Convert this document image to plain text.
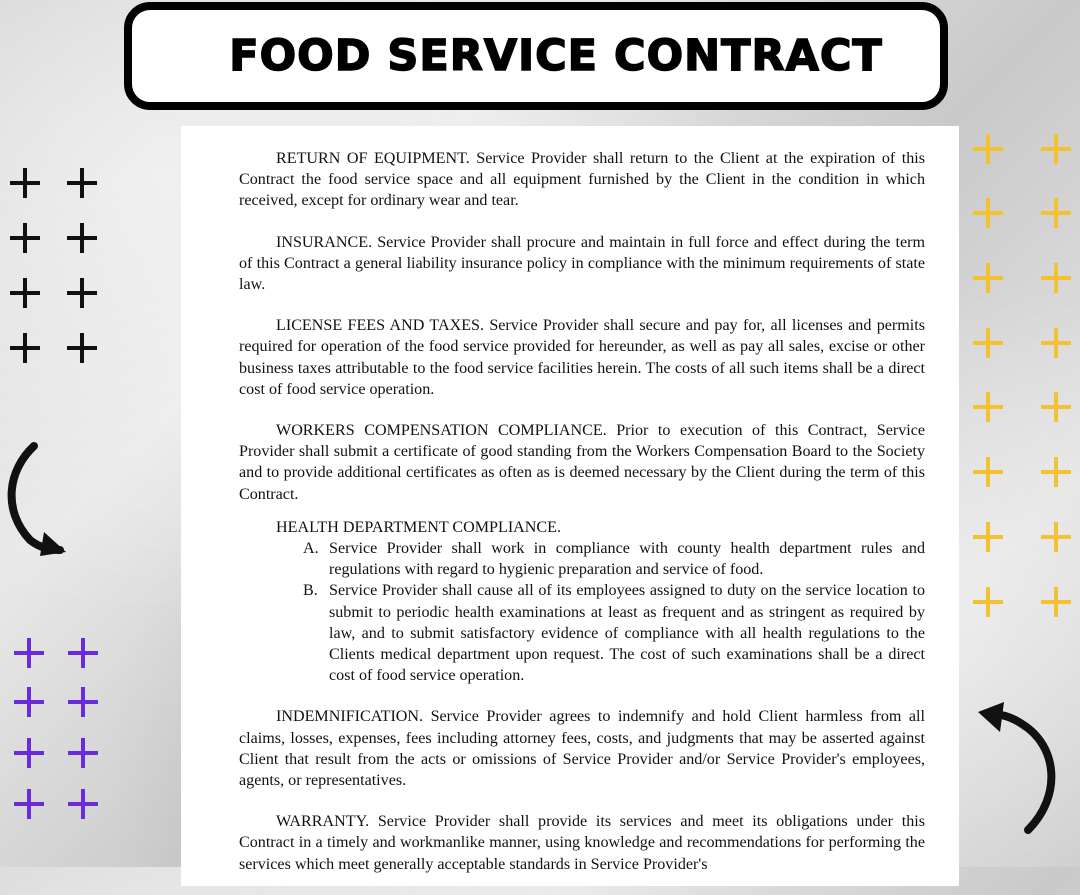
FOOD SERVICE CONTRACT

RETURN OF EQUIPMENT. Service Provider shall return to the Client at the expiration of this Contract the food service space and all equipment furnished by the Client in the condition in which received, except for ordinary wear and tear.

INSURANCE. Service Provider shall procure and maintain in full force and effect during the term of this Contract a general liability insurance policy in compliance with the minimum requirements of state law.

LICENSE FEES AND TAXES. Service Provider shall secure and pay for, all licenses and permits required for operation of the food service provided for hereunder, as well as pay all sales, excise or other business taxes attributable to the food service facilities herein. The costs of all such items shall be a direct cost of food service operation.

WORKERS COMPENSATION COMPLIANCE. Prior to execution of this Contract, Service Provider shall submit a certificate of good standing from the Workers Compensation Board to the Society and to provide additional certificates as often as is deemed necessary by the Client during the term of this Contract.

HEALTH DEPARTMENT COMPLIANCE.

A. Service Provider shall work in compliance with county health department rules and regulations with regard to hygienic preparation and service of food.
B. Service Provider shall cause all of its employees assigned to duty on the service location to submit to periodic health examinations at least as frequent and as stringent as required by law, and to submit satisfactory evidence of compliance with all health regulations to the Clients medical department upon request. The cost of such examinations shall be a direct cost of food service operation.

INDEMNIFICATION. Service Provider agrees to indemnify and hold Client harmless from all claims, losses, expenses, fees including attorney fees, costs, and judgments that may be asserted against Client that result from the acts or omissions of Service Provider and/or Service Provider's employees, agents, or representatives.

WARRANTY. Service Provider shall provide its services and meet its obligations under this Contract in a timely and workmanlike manner, using knowledge and recommendations for performing the services which meet generally acceptable standards in Service Provider's
